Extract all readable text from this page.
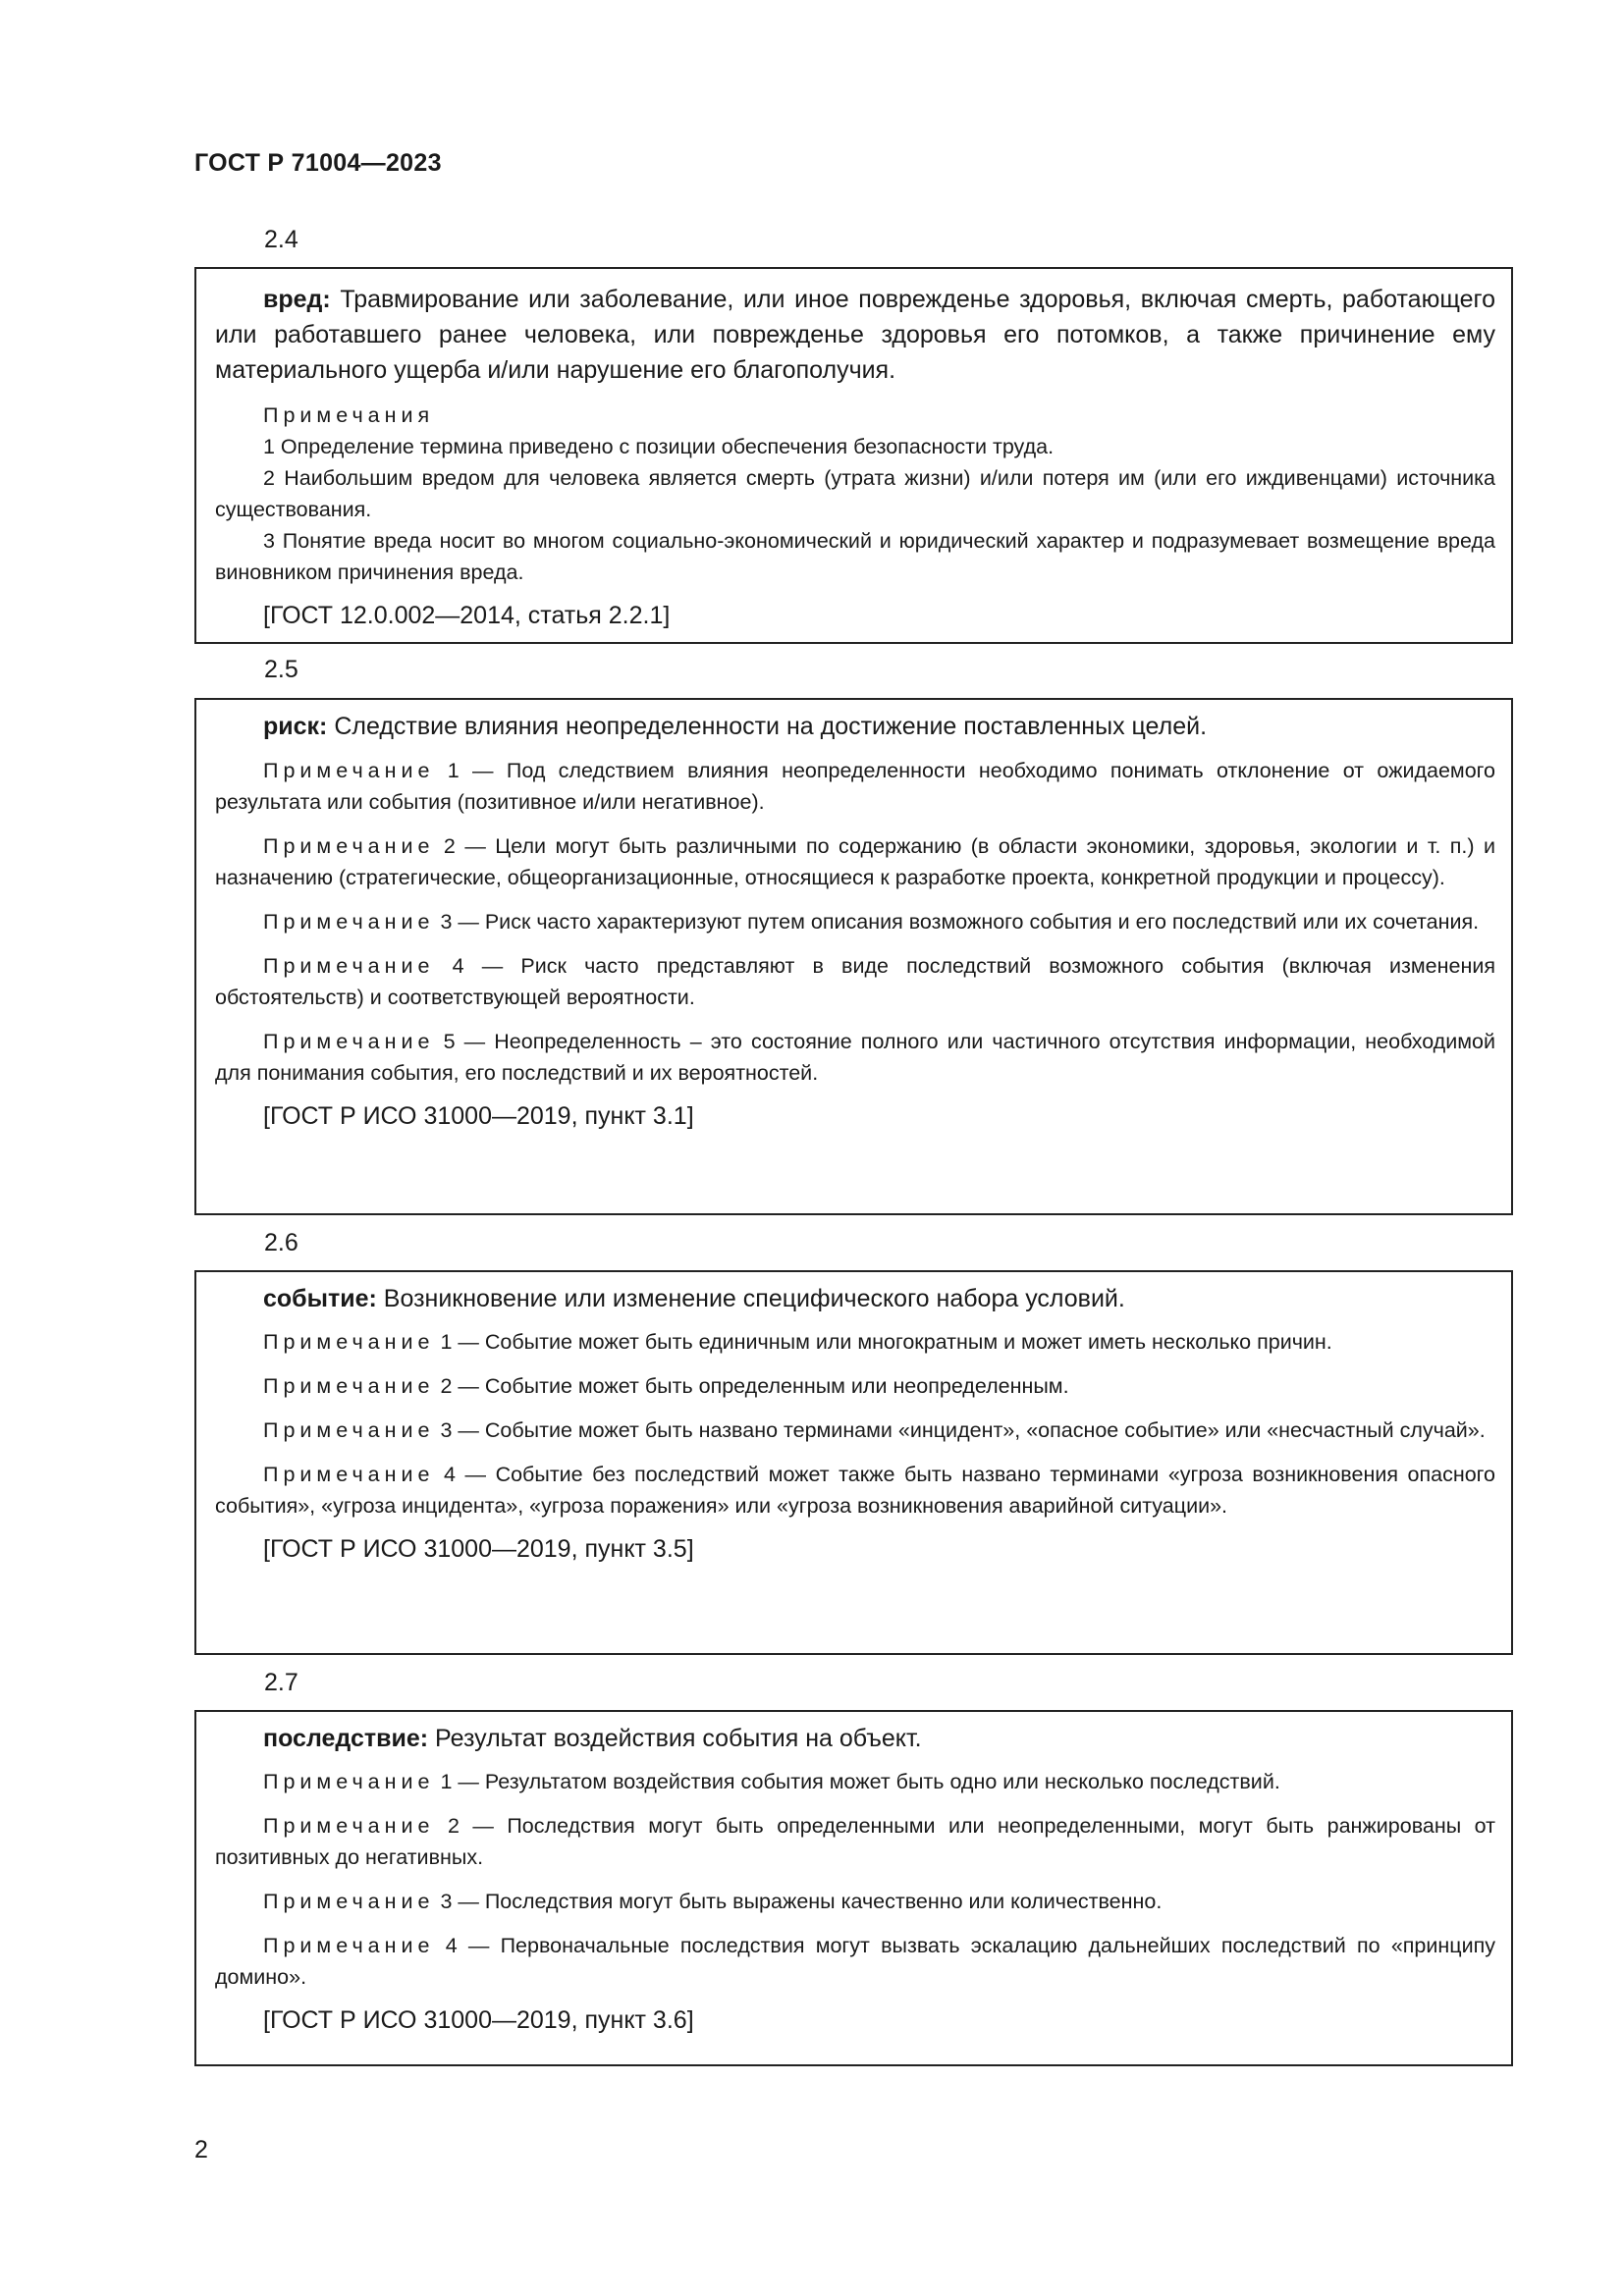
ГОСТ Р 71004—2023
2.4

вред: Травмирование или заболевание, или иное поврежденье здоровья, включая смерть, работающего или работавшего ранее человека, или поврежденье здоровья его потомков, а также причинение ему материального ущерба и/или нарушение его благополучия.

Примечания

1 Определение термина приведено с позиции обеспечения безопасности труда.

2 Наибольшим вредом для человека является смерть (утрата жизни) и/или потеря им (или его иждивенцами) источника существования.

3 Понятие вреда носит во многом социально-экономический и юридический характер и подразумевает возмещение вреда виновником причинения вреда.

[ГОСТ 12.0.002—2014, статья 2.2.1]

2.5

риск: Следствие влияния неопределенности на достижение поставленных целей.

Примечание 1 — Под следствием влияния неопределенности необходимо понимать отклонение от ожидаемого результата или события (позитивное и/или негативное).

Примечание 2 — Цели могут быть различными по содержанию (в области экономики, здоровья, экологии и т. п.) и назначению (стратегические, общеорганизационные, относящиеся к разработке проекта, конкретной продукции и процессу).

Примечание 3 — Риск часто характеризуют путем описания возможного события и его последствий или их сочетания.

Примечание 4 — Риск часто представляют в виде последствий возможного события (включая изменения обстоятельств) и соответствующей вероятности.

Примечание 5 — Неопределенность – это состояние полного или частичного отсутствия информации, необходимой для понимания события, его последствий и их вероятностей.

[ГОСТ Р ИСО 31000—2019, пункт 3.1]

2.6

событие: Возникновение или изменение специфического набора условий.

Примечание 1 — Событие может быть единичным или многократным и может иметь несколько причин.

Примечание 2 — Событие может быть определенным или неопределенным.

Примечание 3 — Событие может быть названо терминами «инцидент», «опасное событие» или «несчастный случай».

Примечание 4 — Событие без последствий может также быть названо терминами «угроза возникновения опасного события», «угроза инцидента», «угроза поражения» или «угроза возникновения аварийной ситуации».

[ГОСТ Р ИСО 31000—2019, пункт 3.5]

2.7

последствие: Результат воздействия события на объект.

Примечание 1 — Результатом воздействия события может быть одно или несколько последствий.

Примечание 2 — Последствия могут быть определенными или неопределенными, могут быть ранжированы от позитивных до негативных.

Примечание 3 — Последствия могут быть выражены качественно или количественно.

Примечание 4 — Первоначальные последствия могут вызвать эскалацию дальнейших последствий по «принципу домино».

[ГОСТ Р ИСО 31000—2019, пункт 3.6]

2
